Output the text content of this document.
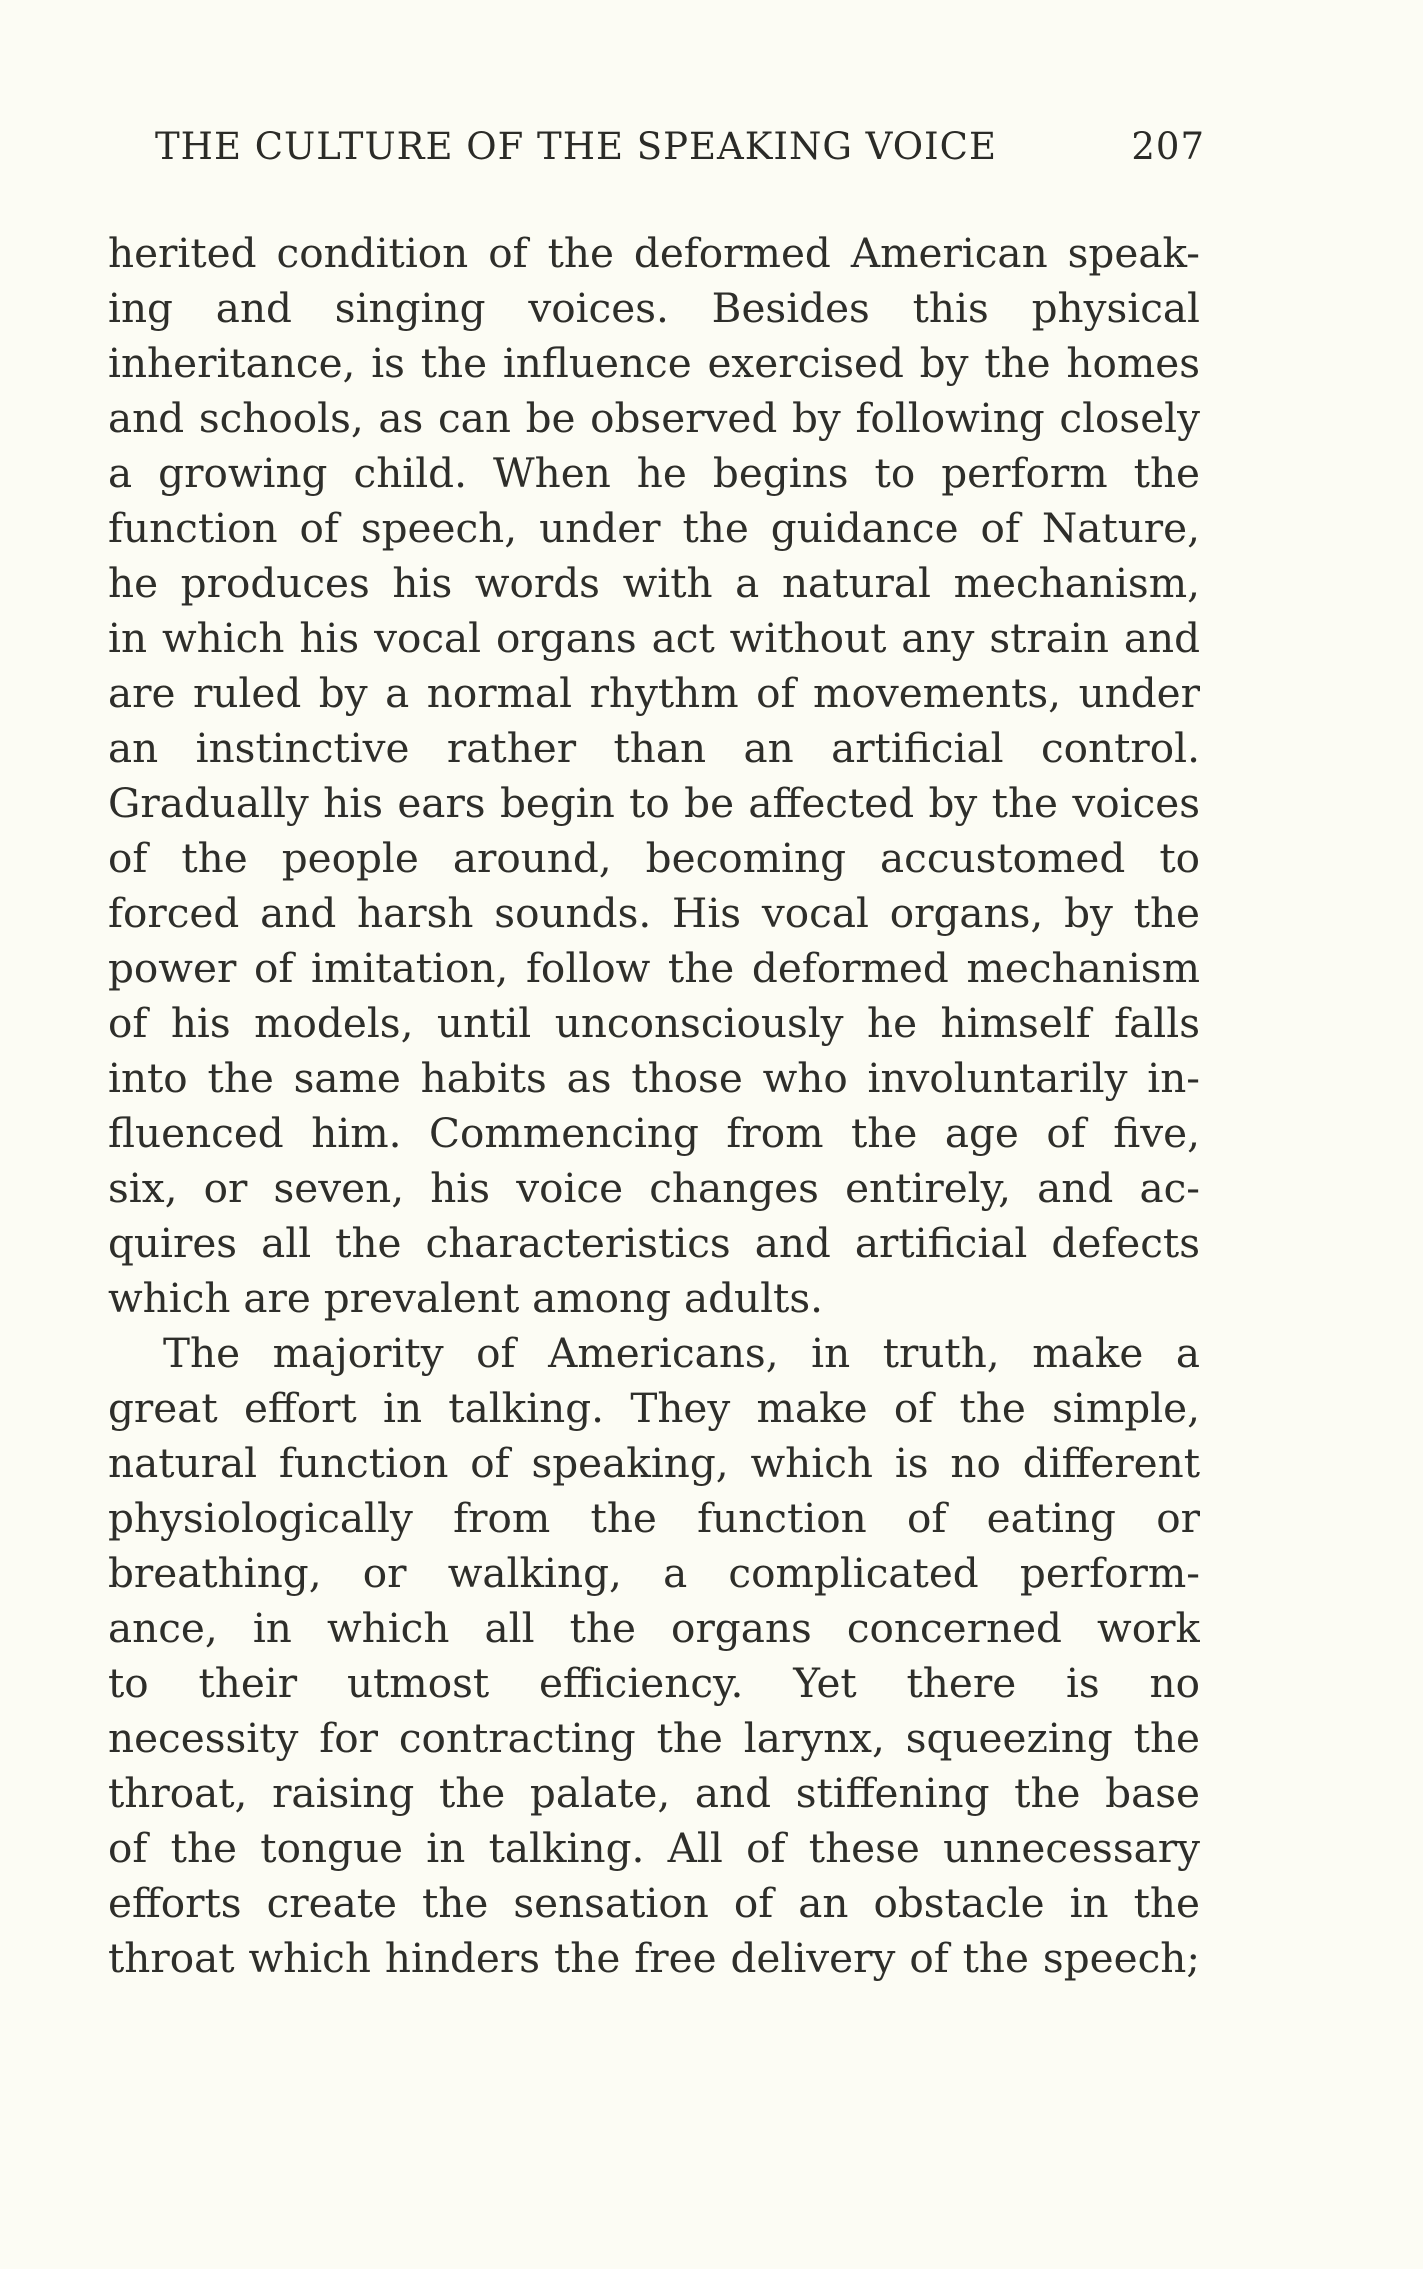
THE CULTURE OF THE SPEAKING VOICE	207
herited condition of the deformed American speak-
ing and singing voices. Besides this physical
inheritance, is the influence exercised by the homes
and schools, as can be observed by following closely
a growing child. When he begins to perform the
function of speech, under the guidance of Nature,
he produces his words with a natural mechanism,
in which his vocal organs act without any strain and
are ruled by a normal rhythm of movements, under
an instinctive rather than an artificial control.
Gradually his ears begin to be affected by the voices
of the people around, becoming accustomed to
forced and harsh sounds. His vocal organs, by the
power of imitation, follow the deformed mechanism
of his models, until unconsciously he himself falls
into the same habits as those who involuntarily in-
fluenced him. Commencing from the age of five,
six, or seven, his voice changes entirely, and ac-
quires all the characteristics and artificial defects
which are prevalent among adults.
The majority of Americans, in truth, make a
great effort in talking. They make of the simple,
natural function of speaking, which is no different
physiologically from the function of eating or
breathing, or walking, a complicated perform-
ance, in which all the organs concerned work
to their utmost efficiency. Yet there is no
necessity for contracting the larynx, squeezing the
throat, raising the palate, and stiffening the base
of the tongue in talking. All of these unnecessary
efforts create the sensation of an obstacle in the
throat which hinders the free delivery of the speech;
